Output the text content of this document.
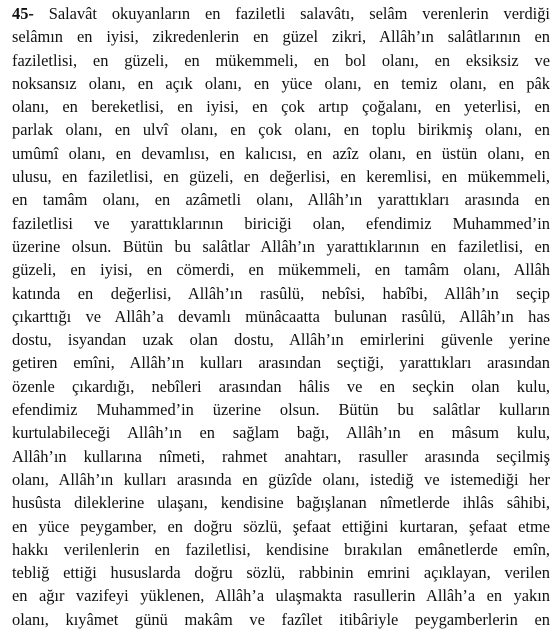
45- Salavât okuyanların en faziletli salavâtı, selâm verenlerin verdiği
selâmın en iyisi, zikredenlerin en güzel zikri, Allâh’ın salâtlarının en
faziletlisi, en güzeli, en mükemmeli, en bol olanı, en eksiksiz ve
noksansız olanı, en açık olanı, en yüce olanı, en temiz olanı, en pâk
olanı, en bereketlisi, en iyisi, en çok artıp çoğalanı, en yeterlisi, en
parlak olanı, en ulvî olanı, en çok olanı, en toplu birikmiş olanı, en
umûmî olanı, en devamlısı, en kalıcısı, en azîz olanı, en üstün olanı, en
ulusu, en faziletlisi, en güzeli, en değerlisi, en keremlisi, en mükemmeli,
en tamâm olanı, en azâmetli olanı, Allâh’ın yarattıkları arasında en
faziletlisi ve yarattıklarının biriciği olan, efendimiz Muhammed’in
üzerine olsun. Bütün bu salâtlar Allâh’ın yarattıklarının en faziletlisi, en
güzeli, en iyisi, en cömerdi, en mükemmeli, en tamâm olanı, Allâh
katında en değerlisi, Allâh’ın rasûlü, nebîsi, habîbi, Allâh’ın seçip
çıkarttığı ve Allâh’a devamlı münâcaatta bulunan rasûlü, Allâh’ın has
dostu, isyandan uzak olan dostu, Allâh’ın emirlerini güvenle yerine
getiren emîni, Allâh’ın kulları arasından seçtiği, yarattıkları arasından
özenle çıkardığı, nebîleri arasından hâlis ve en seçkin olan kulu,
efendimiz Muhammed’in üzerine olsun. Bütün bu salâtlar kulların
kurtulabileceği Allâh’ın en sağlam bağı, Allâh’ın en mâsum kulu,
Allâh’ın kullarına nîmeti, rahmet anahtarı, rasuller arasında seçilmiş
olanı, Allâh’ın kulları arasında en güzîde olanı, istediğ ve istemediği her
husûsta dileklerine ulaşanı, kendisine bağışlanan nîmetlerde ihlâs sâhibi,
en yüce peygamber, en doğru sözlü, şefaat ettiğini kurtaran, şefaat etme
hakkı verilenlerin en faziletlisi, kendisine bırakılan emânetlerde emîn,
tebliğ ettiği hususlarda doğru sözlü, rabbinin emrini açıklayan, verilen
en ağır vazifeyi yüklenen, Allâh’a ulaşmakta rasullerin Allâh’a en yakın
olanı, kıyâmet günü makâm ve fazîlet itibâriyle peygamberlerin en
